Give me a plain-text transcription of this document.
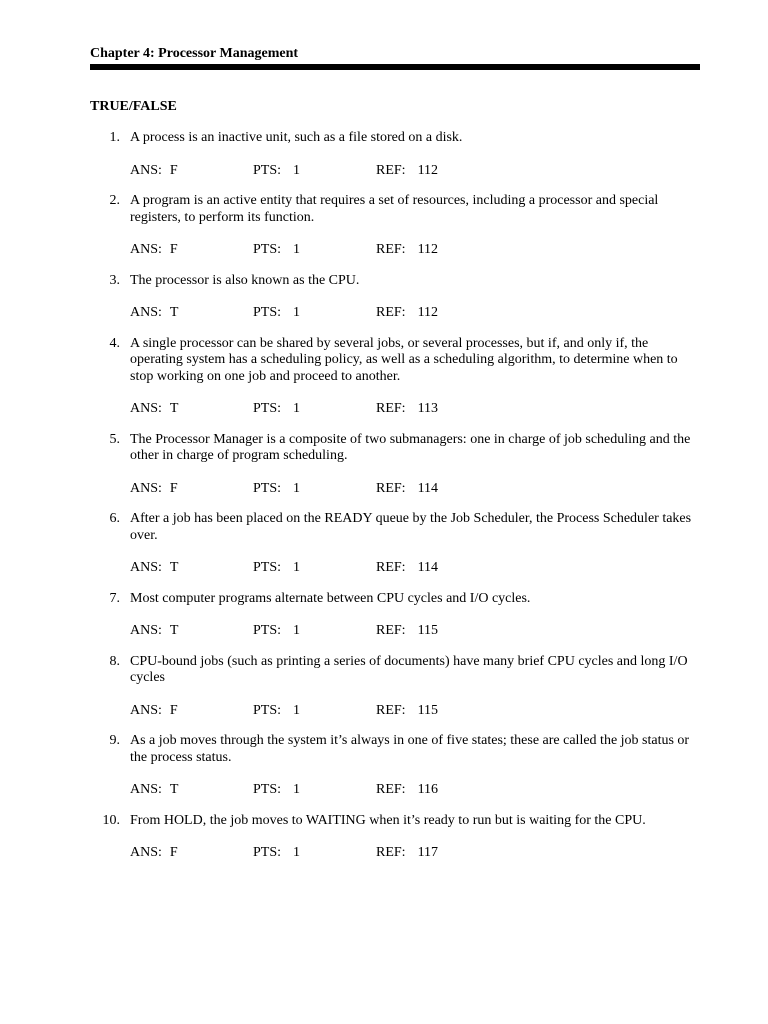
Chapter 4: Processor Management
TRUE/FALSE
1. A process is an inactive unit, such as a file stored on a disk.

ANS: F	PTS: 1	REF: 112
2. A program is an active entity that requires a set of resources, including a processor and special registers, to perform its function.

ANS: F	PTS: 1	REF: 112
3. The processor is also known as the CPU.

ANS: T	PTS: 1	REF: 112
4. A single processor can be shared by several jobs, or several processes, but if, and only if, the operating system has a scheduling policy, as well as a scheduling algorithm, to determine when to stop working on one job and proceed to another.

ANS: T	PTS: 1	REF: 113
5. The Processor Manager is a composite of two submanagers: one in charge of job scheduling and the other in charge of program scheduling.

ANS: F	PTS: 1	REF: 114
6. After a job has been placed on the READY queue by the Job Scheduler, the Process Scheduler takes over.

ANS: T	PTS: 1	REF: 114
7. Most computer programs alternate between CPU cycles and I/O cycles.

ANS: T	PTS: 1	REF: 115
8. CPU-bound jobs (such as printing a series of documents) have many brief CPU cycles and long I/O cycles

ANS: F	PTS: 1	REF: 115
9. As a job moves through the system it’s always in one of five states; these are called the job status or the process status.

ANS: T	PTS: 1	REF: 116
10. From HOLD, the job moves to WAITING when it’s ready to run but is waiting for the CPU.

ANS: F	PTS: 1	REF: 117
